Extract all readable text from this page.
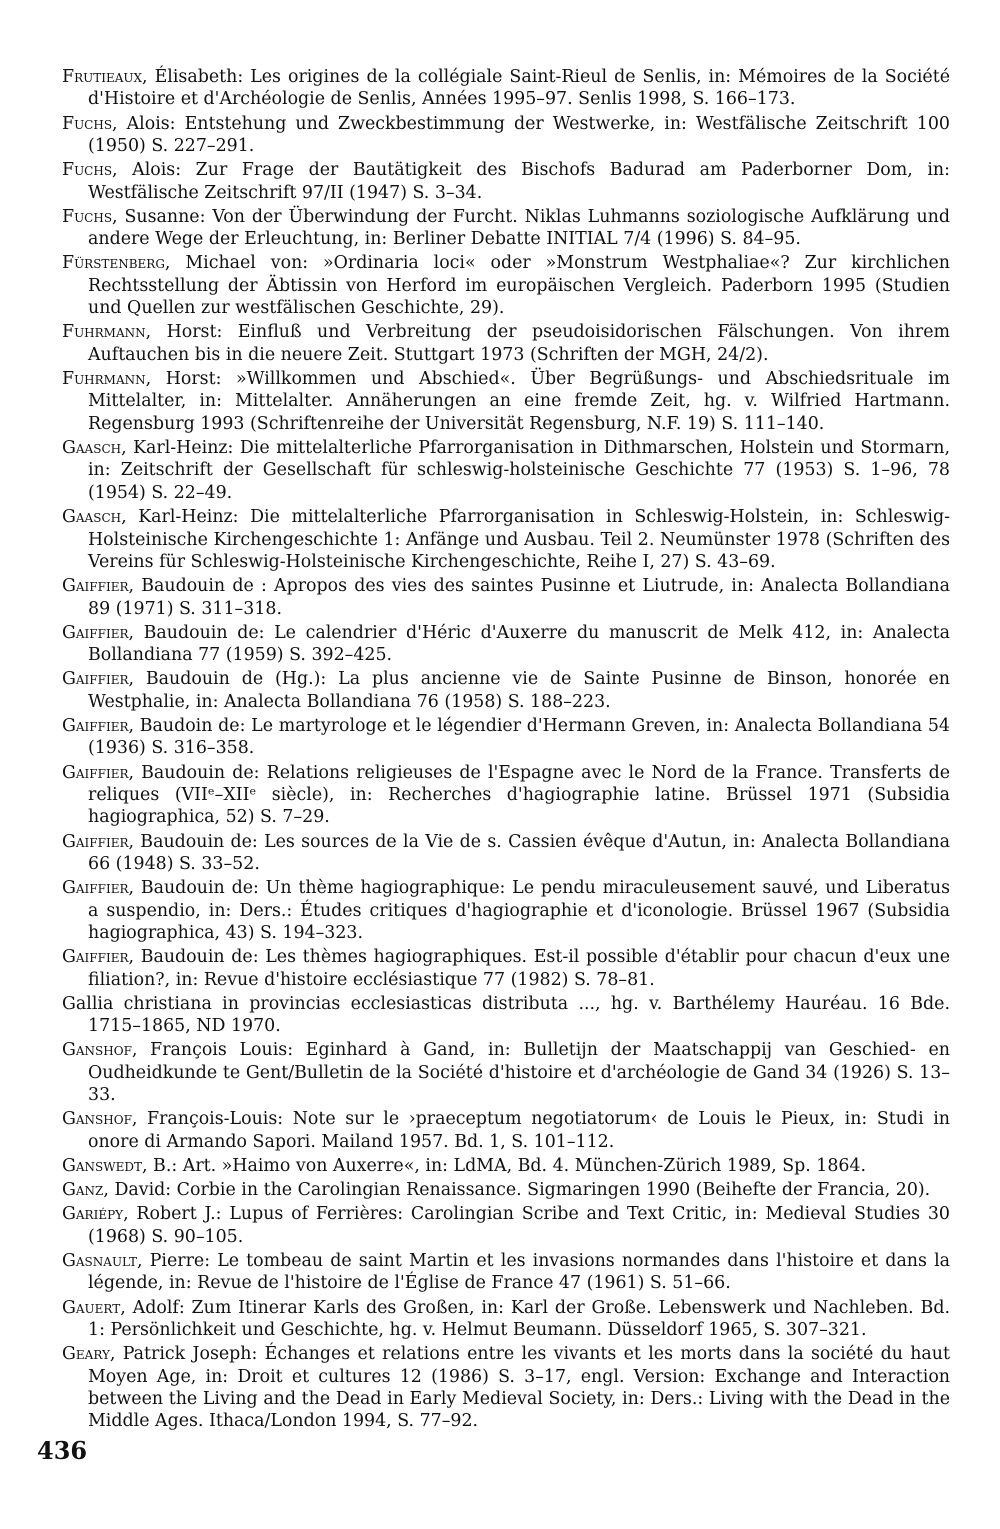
Frutieaux, Élisabeth: Les origines de la collégiale Saint-Rieul de Senlis, in: Mémoires de la Société d'Histoire et d'Archéologie de Senlis, Années 1995–97. Senlis 1998, S. 166–173.

Fuchs, Alois: Entstehung und Zweckbestimmung der Westwerke, in: Westfälische Zeitschrift 100 (1950) S. 227–291.

Fuchs, Alois: Zur Frage der Bautätigkeit des Bischofs Badurad am Paderborner Dom, in: Westfälische Zeitschrift 97/II (1947) S. 3–34.

Fuchs, Susanne: Von der Überwindung der Furcht. Niklas Luhmanns soziologische Aufklärung und andere Wege der Erleuchtung, in: Berliner Debatte INITIAL 7/4 (1996) S. 84–95.

Fürstenberg, Michael von: »Ordinaria loci« oder »Monstrum Westphaliae«? Zur kirchlichen Rechtsstellung der Äbtissin von Herford im europäischen Vergleich. Paderborn 1995 (Studien und Quellen zur westfälischen Geschichte, 29).

Fuhrmann, Horst: Einfluß und Verbreitung der pseudoisidorischen Fälschungen. Von ihrem Auftauchen bis in die neuere Zeit. Stuttgart 1973 (Schriften der MGH, 24/2).

Fuhrmann, Horst: »Willkommen und Abschied«. Über Begrüßungs- und Abschiedsrituale im Mittelalter, in: Mittelalter. Annäherungen an eine fremde Zeit, hg. v. Wilfried Hartmann. Regensburg 1993 (Schriftenreihe der Universität Regensburg, N.F. 19) S. 111–140.

Gaasch, Karl-Heinz: Die mittelalterliche Pfarrorganisation in Dithmarschen, Holstein und Stormarn, in: Zeitschrift der Gesellschaft für schleswig-holsteinische Geschichte 77 (1953) S. 1–96, 78 (1954) S. 22–49.

Gaasch, Karl-Heinz: Die mittelalterliche Pfarrorganisation in Schleswig-Holstein, in: Schleswig-Holsteinische Kirchengeschichte 1: Anfänge und Ausbau. Teil 2. Neumünster 1978 (Schriften des Vereins für Schleswig-Holsteinische Kirchengeschichte, Reihe I, 27) S. 43–69.

Gaiffier, Baudouin de : Apropos des vies des saintes Pusinne et Liutrude, in: Analecta Bollandiana 89 (1971) S. 311–318.

Gaiffier, Baudouin de: Le calendrier d'Héric d'Auxerre du manuscrit de Melk 412, in: Analecta Bollandiana 77 (1959) S. 392–425.

Gaiffier, Baudouin de (Hg.): La plus ancienne vie de Sainte Pusinne de Binson, honorée en Westphalie, in: Analecta Bollandiana 76 (1958) S. 188–223.

Gaiffier, Baudoin de: Le martyrologe et le légendier d'Hermann Greven, in: Analecta Bollandiana 54 (1936) S. 316–358.

Gaiffier, Baudouin de: Relations religieuses de l'Espagne avec le Nord de la France. Transferts de reliques (VIIᵉ–XIIᵉ siècle), in: Recherches d'hagiographie latine. Brüssel 1971 (Subsidia hagiographica, 52) S. 7–29.

Gaiffier, Baudouin de: Les sources de la Vie de s. Cassien évêque d'Autun, in: Analecta Bollandiana 66 (1948) S. 33–52.

Gaiffier, Baudouin de: Un thème hagiographique: Le pendu miraculeusement sauvé, und Liberatus a suspendio, in: Ders.: Études critiques d'hagiographie et d'iconologie. Brüssel 1967 (Subsidia hagiographica, 43) S. 194–323.

Gaiffier, Baudouin de: Les thèmes hagiographiques. Est-il possible d'établir pour chacun d'eux une filiation?, in: Revue d'histoire ecclésiastique 77 (1982) S. 78–81.

Gallia christiana in provincias ecclesiasticas distributa ..., hg. v. Barthélemy Hauréau. 16 Bde. 1715–1865, ND 1970.

Ganshof, François Louis: Eginhard à Gand, in: Bulletijn der Maatschappij van Geschied- en Oudheidkunde te Gent/Bulletin de la Société d'histoire et d'archéologie de Gand 34 (1926) S. 13–33.

Ganshof, François-Louis: Note sur le ›praeceptum negotiatorum‹ de Louis le Pieux, in: Studi in onore di Armando Sapori. Mailand 1957. Bd. 1, S. 101–112.

Ganswedt, B.: Art. »Haimo von Auxerre«, in: LdMA, Bd. 4. München-Zürich 1989, Sp. 1864.

Ganz, David: Corbie in the Carolingian Renaissance. Sigmaringen 1990 (Beihefte der Francia, 20).

Gariépy, Robert J.: Lupus of Ferrières: Carolingian Scribe and Text Critic, in: Medieval Studies 30 (1968) S. 90–105.

Gasnault, Pierre: Le tombeau de saint Martin et les invasions normandes dans l'histoire et dans la légende, in: Revue de l'histoire de l'Église de France 47 (1961) S. 51–66.

Gauert, Adolf: Zum Itinerar Karls des Großen, in: Karl der Große. Lebenswerk und Nachleben. Bd. 1: Persönlichkeit und Geschichte, hg. v. Helmut Beumann. Düsseldorf 1965, S. 307–321.

Geary, Patrick Joseph: Échanges et relations entre les vivants et les morts dans la société du haut Moyen Age, in: Droit et cultures 12 (1986) S. 3–17, engl. Version: Exchange and Interaction between the Living and the Dead in Early Medieval Society, in: Ders.: Living with the Dead in the Middle Ages. Ithaca/London 1994, S. 77–92.

436
